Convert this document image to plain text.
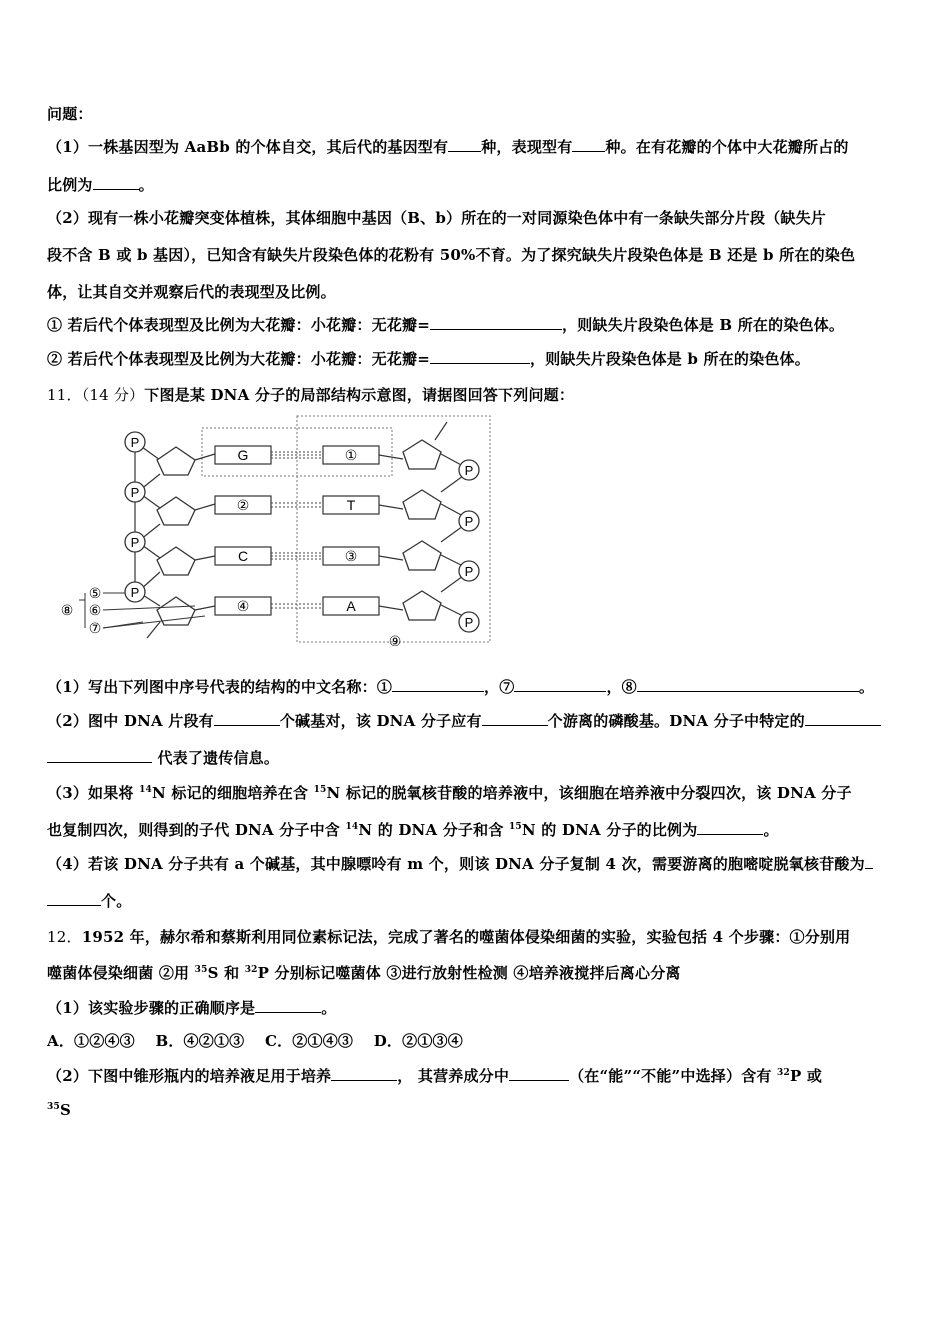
问题：
（1）一株基因型为 AaBb 的个体自交，其后代的基因型有 种，表现型有 种。在有花瓣的个体中大花瓣所占的
比例为	。
（2）现有一株小花瓣突变体植株，其体细胞中基因（B、b）所在的一对同源染色体中有一条缺失部分片段（缺失片
段不含 B 或 b 基因），已知含有缺失片段染色体的花粉有 50%不育。为了探究缺失片段染色体是 B 还是 b 所在的染色
体，让其自交并观察后代的表现型及比例。
① 若后代个体表现型及比例为大花瓣：小花瓣：无花瓣=	，则缺失片段染色体是 B 所在的染色体。
② 若后代个体表现型及比例为大花瓣：小花瓣：无花瓣=	，则缺失片段染色体是 b 所在的染色体。
11．（14 分）下图是某 DNA 分子的局部结构示意图，请据图回答下列问题：
G
②
C
④
①
T
③
A
P
P
P
P
P
P
P
P
⑤
⑥
⑦
⑧
⑨
（1）写出下列图中序号代表的结构的中文名称：①	，⑦	，⑧	。
（2）图中 DNA 片段有	个碱基对，该 DNA 分子应有	个游离的磷酸基。DNA 分子中特定的
代表了遗传信息。
（3）如果将 $^{14}$N 标记的细胞培养在含 $^{15}$N 标记的脱氧核苷酸的培养液中，该细胞在培养液中分裂四次，该 DNA 分子
也复制四次，则得到的子代 DNA 分子中含 $^{14}$N 的 DNA 分子和含 $^{15}$N 的 DNA 分子的比例为	。
（4）若该 DNA 分子共有 a 个碱基，其中腺嘌呤有 m 个，则该 DNA 分子复制 4 次，需要游离的胞嘧啶脱氧核苷酸为
个。
12．1952 年，赫尔希和蔡斯利用同位素标记法，完成了著名的噬菌体侵染细菌的实验，实验包括 4 个步骤：①分别用
噬菌体侵染细菌 ②用 $^{35}$S 和 $^{32}$P 分别标记噬菌体 ③进行放射性检测 ④培养液搅拌后离心分离
（1）该实验步骤的正确顺序是	。
A．①②④③　 B．④②①③　 C．②①④③　 D．②①③④
（2）下图中锥形瓶内的培养液足用于培养	， 其营养成分中	（在“能”“不能”中选择）含有 $^{32}$P 或
$^{35}$S
